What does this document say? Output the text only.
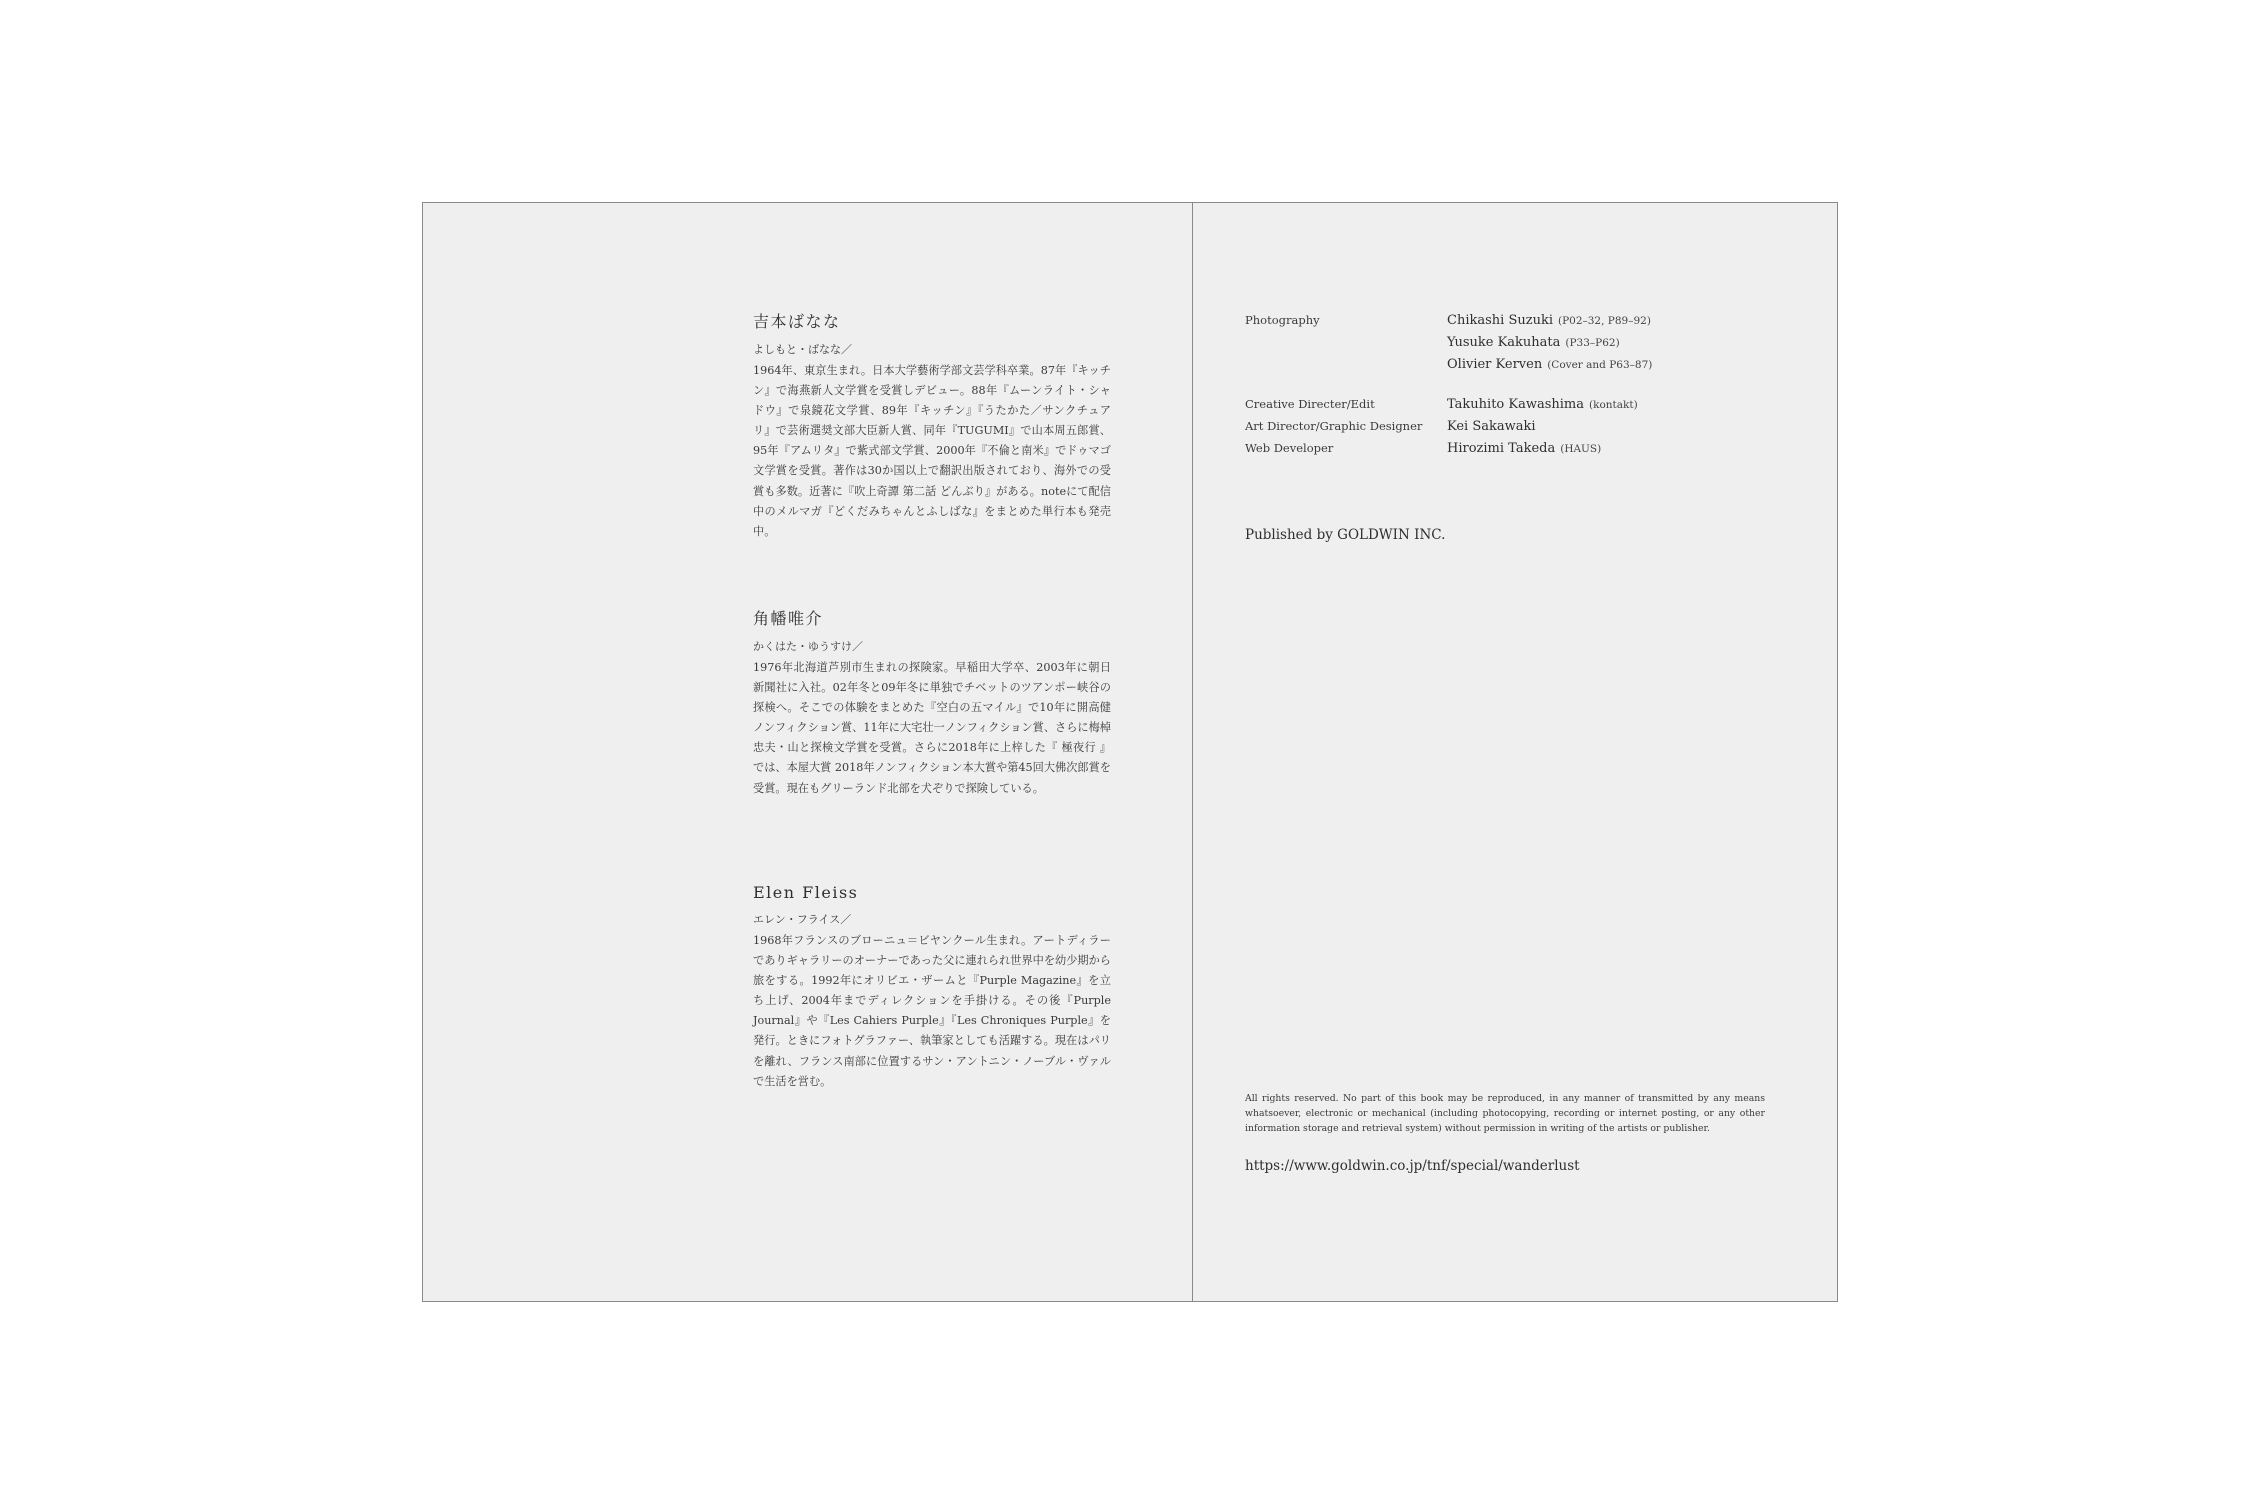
吉本ばなな
よしもと・ばなな／

1964年、東京生まれ。日本大学藝術学部文芸学科卒業。87年『キッチン』で海燕新人文学賞を受賞しデビュー。88年『ムーンライト・シャドウ』で泉鏡花文学賞、89年『キッチン』『うたかた／サンクチュアリ』で芸術選奨文部大臣新人賞、同年『TUGUMI』で山本周五郎賞、95年『アムリタ』で紫式部文学賞、2000年『不倫と南米』でドゥマゴ文学賞を受賞。著作は30か国以上で翻訳出版されており、海外での受賞も多数。近著に『吹上奇譚 第二話 どんぶり』がある。noteにて配信中のメルマガ『どくだみちゃんとふしばな』をまとめた単行本も発売中。

角幡唯介
かくはた・ゆうすけ／

1976年北海道芦別市生まれの探険家。早稲田大学卒、2003年に朝日新聞社に入社。02年冬と09年冬に単独でチベットのツアンポー峡谷の探検へ。そこでの体験をまとめた『空白の五マイル』で10年に開高健ノンフィクション賞、11年に大宅壮一ノンフィクション賞、さらに梅棹忠夫・山と探検文学賞を受賞。さらに2018年に上梓した『 極夜行 』では、本屋大賞 2018年ノンフィクション本大賞や第45回大佛次郎賞を受賞。現在もグリーランド北部を犬ぞりで探険している。

Elen Fleiss
エレン・フライス／

1968年フランスのブローニュ＝ビヤンクール生まれ。アートディラーでありギャラリーのオーナーであった父に連れられ世界中を幼少期から旅をする。1992年にオリビエ・ザームと『Purple Magazine』を立ち上げ、2004年までディレクションを手掛ける。その後『Purple Journal』や『Les Cahiers Purple』『Les Chroniques Purple』を発行。ときにフォトグラファー、執筆家としても活躍する。現在はパリを離れ、フランス南部に位置するサン・アントニン・ノーブル・ヴァルで生活を営む。

Photography	Chikashi Suzuki (P02–32, P89–92)
Yusuke Kakuhata (P33–P62)
Olivier Kerven (Cover and P63–87)
Creative Directer/Edit	Takuhito Kawashima (kontakt)
Art Director/Graphic Designer	Kei Sakawaki
Web Developer	Hirozimi Takeda (HAUS)
Published by GOLDWIN INC.

All rights reserved. No part of this book may be reproduced, in any manner of transmitted by any means whatsoever, electronic or mechanical (including photocopying, recording or internet posting, or any other information storage and retrieval system) without permission in writing of the artists or publisher.

https://www.goldwin.co.jp/tnf/special/wanderlust
